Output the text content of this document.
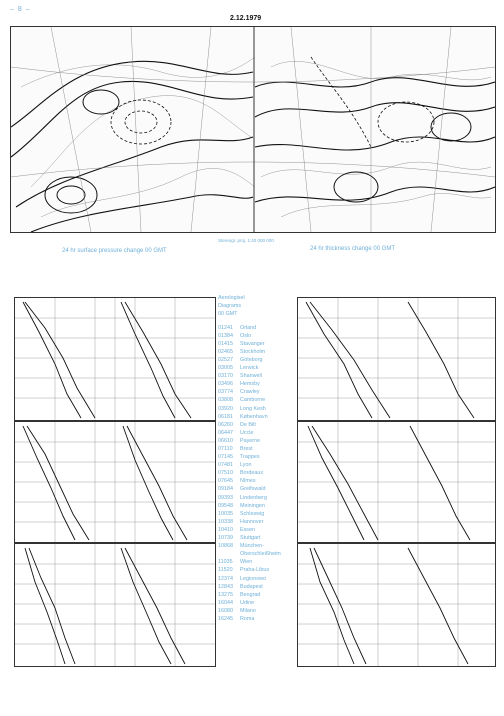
– 8 –
2.12.1979
Stereogr. proj. 1:40 000 000
24 hr surface pressure change 00 GMT	24 hr thickness change 00 GMT
Aerologisel
Diagrams
00 GMT
01241	Orland
01384	Oslo
01415	Stavanger
02465	Stockholm
02527	Göteborg
03005	Lerwick
03170	Shanwell
03496	Hemsby
03774	Crawley
03808	Camborne
03920	Long Kesh
06181	København
06260	De Bilt
06447	Uccle
06610	Payerne
07110	Brest
07145	Trappes
07481	Lyon
07510	Bordeaux
07645	Nîmes
09184	Greifswald
09393	Lindenberg
09548	Meiningen
10035	Schleswig
10338	Hannover
10410	Essen
10739	Stuttgart
10868	München-
Oberschleißheim
11035	Wien
11520	Praha-Libus
12374	Legionowo
12843	Budapest
13275	Beograd
16044	Udine
16080	Milano
16245	Roma
